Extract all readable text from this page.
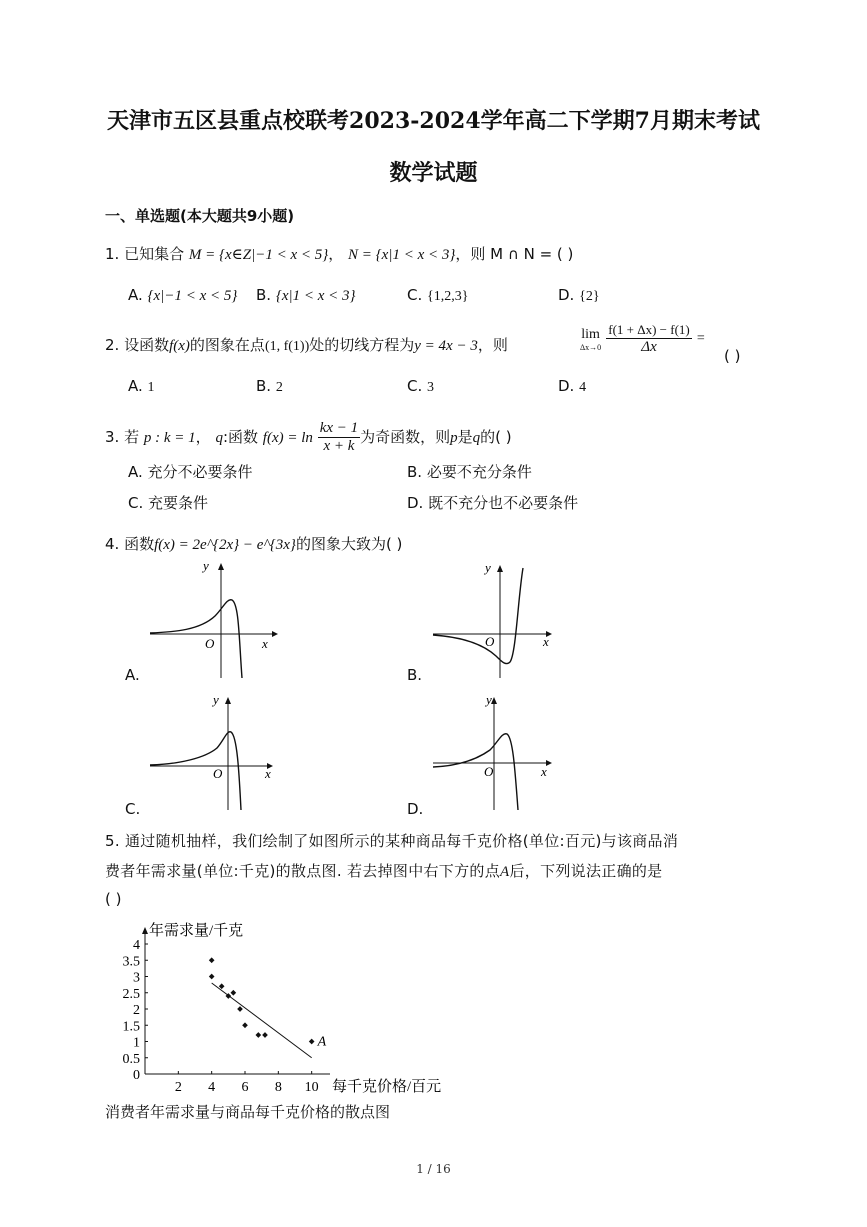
天津市五区县重点校联考2023-2024学年高二下学期7月期末考试
数学试题
一、单选题(本大题共9小题)
1. 已知集合 M = {x∈Z|−1 < x < 5}， N = {x|1 < x < 3}，则 M ∩ N = ( )
A. {x|−1 < x < 5} B. {x|1 < x < 3}	C. {1,2,3}	D. {2}
2. 设函数f(x)的图象在点(1, f(1))处的切线方程为y = 4x − 3，则
lim
Δx→0
$\frac{f(1 + \Delta x) - f(1)}{\Delta x}$ =
( )
A. 1	B. 2	C. 3	D. 4
3. 若 p : k = 1， q:函数 $f(x) = \ln \frac{kx - 1}{x + k}$ 为奇函数，则p是q的( )
A. 充分不必要条件	B. 必要不充分条件
C. 充要条件	D. 既不充分也不必要条件
4. 函数f(x) = 2e^{2x} − e^{3x}的图象大致为( )
y
O	x
A.
y
O	x
B.
y
O	x
C.
y
O	x
D.
5. 通过随机抽样，我们绘制了如图所示的某种商品每千克价格(单位:百元)与该商品消
费者年需求量(单位:千克)的散点图. 若去掉图中右下方的点A后，下列说法正确的是
( )
0
0.5
1
1.5
2
2.5
3
3.5
4
2 4 6 8 10
A
年需求量/千克
每千克价格/百元
消费者年需求量与商品每千克价格的散点图
1 / 16
